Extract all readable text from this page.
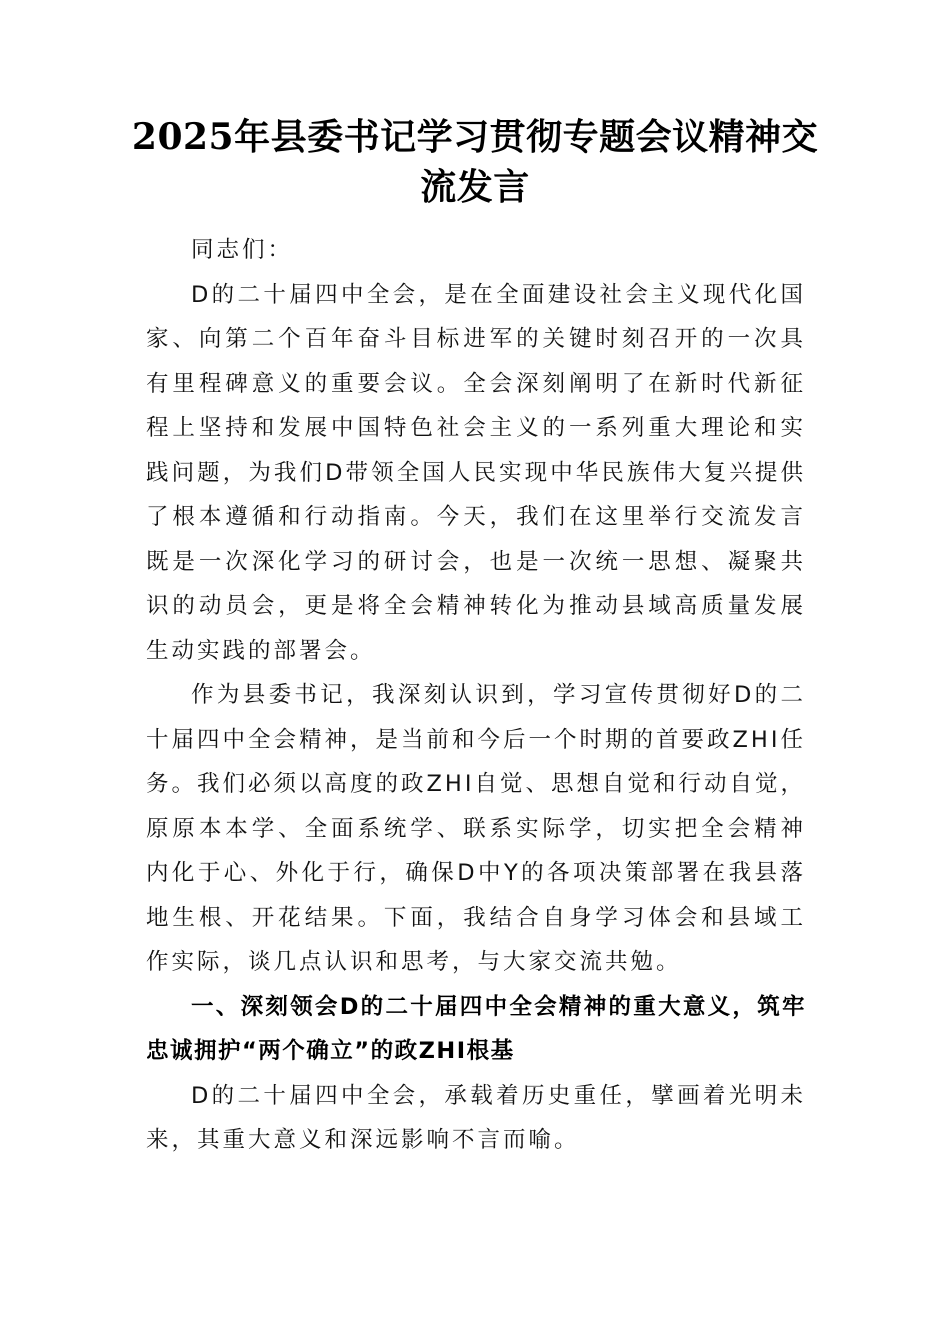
2025年县委书记学习贯彻专题会议精神交流发言

同志们：

D的二十届四中全会，是在全面建设社会主义现代化国家、向第二个百年奋斗目标进军的关键时刻召开的一次具有里程碑意义的重要会议。全会深刻阐明了在新时代新征程上坚持和发展中国特色社会主义的一系列重大理论和实践问题，为我们D带领全国人民实现中华民族伟大复兴提供了根本遵循和行动指南。今天，我们在这里举行交流发言既是一次深化学习的研讨会，也是一次统一思想、凝聚共识的动员会，更是将全会精神转化为推动县域高质量发展生动实践的部署会。

作为县委书记，我深刻认识到，学习宣传贯彻好D的二十届四中全会精神，是当前和今后一个时期的首要政ZHI任务。我们必须以高度的政ZHI自觉、思想自觉和行动自觉，原原本本学、全面系统学、联系实际学，切实把全会精神内化于心、外化于行，确保D中Y的各项决策部署在我县落地生根、开花结果。下面，我结合自身学习体会和县域工作实际，谈几点认识和思考，与大家交流共勉。

一、深刻领会D的二十届四中全会精神的重大意义，筑牢忠诚拥护“两个确立”的政ZHI根基

D的二十届四中全会，承载着历史重任，擘画着光明未来，其重大意义和深远影响不言而喻。
